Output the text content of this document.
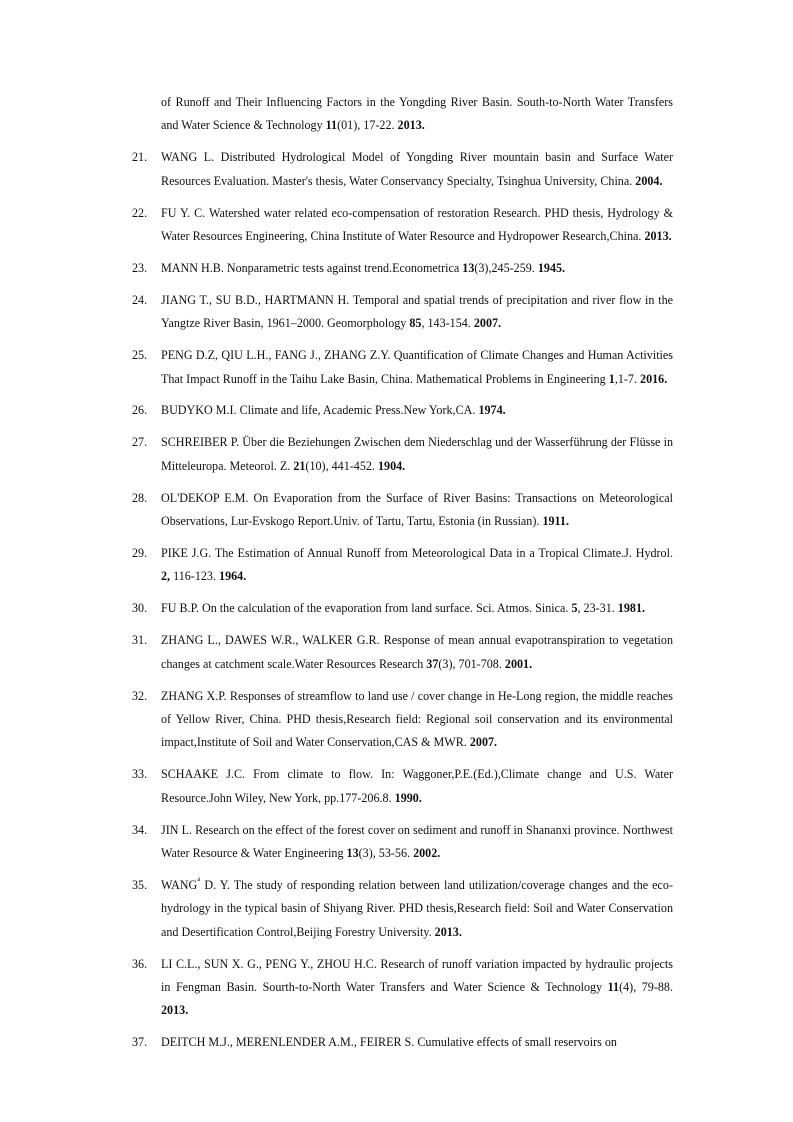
of Runoff and Their Influencing Factors in the Yongding River Basin. South-to-North Water Transfers and Water Science & Technology 11(01), 17-22. 2013.

21. WANG L. Distributed Hydrological Model of Yongding River mountain basin and Surface Water Resources Evaluation. Master's thesis, Water Conservancy Specialty, Tsinghua University, China. 2004.

22. FU Y. C. Watershed water related eco-compensation of restoration Research. PHD thesis, Hydrology & Water Resources Engineering, China Institute of Water Resource and Hydropower Research,China. 2013.

23. MANN H.B. Nonparametric tests against trend.Econometrica 13(3),245-259. 1945.

24. JIANG T., SU B.D., HARTMANN H. Temporal and spatial trends of precipitation and river flow in the Yangtze River Basin, 1961–2000. Geomorphology 85, 143-154. 2007.

25. PENG D.Z, QIU L.H., FANG J., ZHANG Z.Y. Quantification of Climate Changes and Human Activities That Impact Runoff in the Taihu Lake Basin, China. Mathematical Problems in Engineering 1,1-7. 2016.

26. BUDYKO M.I. Climate and life, Academic Press.New York,CA. 1974.

27. SCHREIBER P. Über die Beziehungen Zwischen dem Niederschlag und der Wasserführung der Flüsse in Mitteleuropa. Meteorol. Z. 21(10), 441-452. 1904.

28. OL'DEKOP E.M. On Evaporation from the Surface of River Basins: Transactions on Meteorological Observations, Lur-Evskogo Report.Univ. of Tartu, Tartu, Estonia (in Russian). 1911.

29. PIKE J.G. The Estimation of Annual Runoff from Meteorological Data in a Tropical Climate.J. Hydrol. 2, 116-123. 1964.

30. FU B.P. On the calculation of the evaporation from land surface. Sci. Atmos. Sinica. 5, 23-31. 1981.

31. ZHANG L., DAWES W.R., WALKER G.R. Response of mean annual evapotranspiration to vegetation changes at catchment scale.Water Resources Research 37(3), 701-708. 2001.

32. ZHANG X.P. Responses of streamflow to land use / cover change in He-Long region, the middle reaches of Yellow River, China. PHD thesis,Research field: Regional soil conservation and its environmental impact,Institute of Soil and Water Conservation,CAS & MWR. 2007.

33. SCHAAKE J.C. From climate to flow. In: Waggoner,P.E.(Ed.),Climate change and U.S. Water Resource.John Wiley, New York, pp.177-206.8. 1990.

34. JIN L. Research on the effect of the forest cover on sediment and runoff in Shananxi province. Northwest Water Resource & Water Engineering 13(3), 53-56. 2002.

35. WANG$^a$ D. Y. The study of responding relation between land utilization/coverage changes and the eco-hydrology in the typical basin of Shiyang River. PHD thesis,Research field: Soil and Water Conservation and Desertification Control,Beijing Forestry University. 2013.

36. LI C.L., SUN X. G., PENG Y., ZHOU H.C. Research of runoff variation impacted by hydraulic projects in Fengman Basin. Sourth-to-North Water Transfers and Water Science & Technology 11(4), 79-88. 2013.

37. DEITCH M.J., MERENLENDER A.M., FEIRER S. Cumulative effects of small reservoirs on
